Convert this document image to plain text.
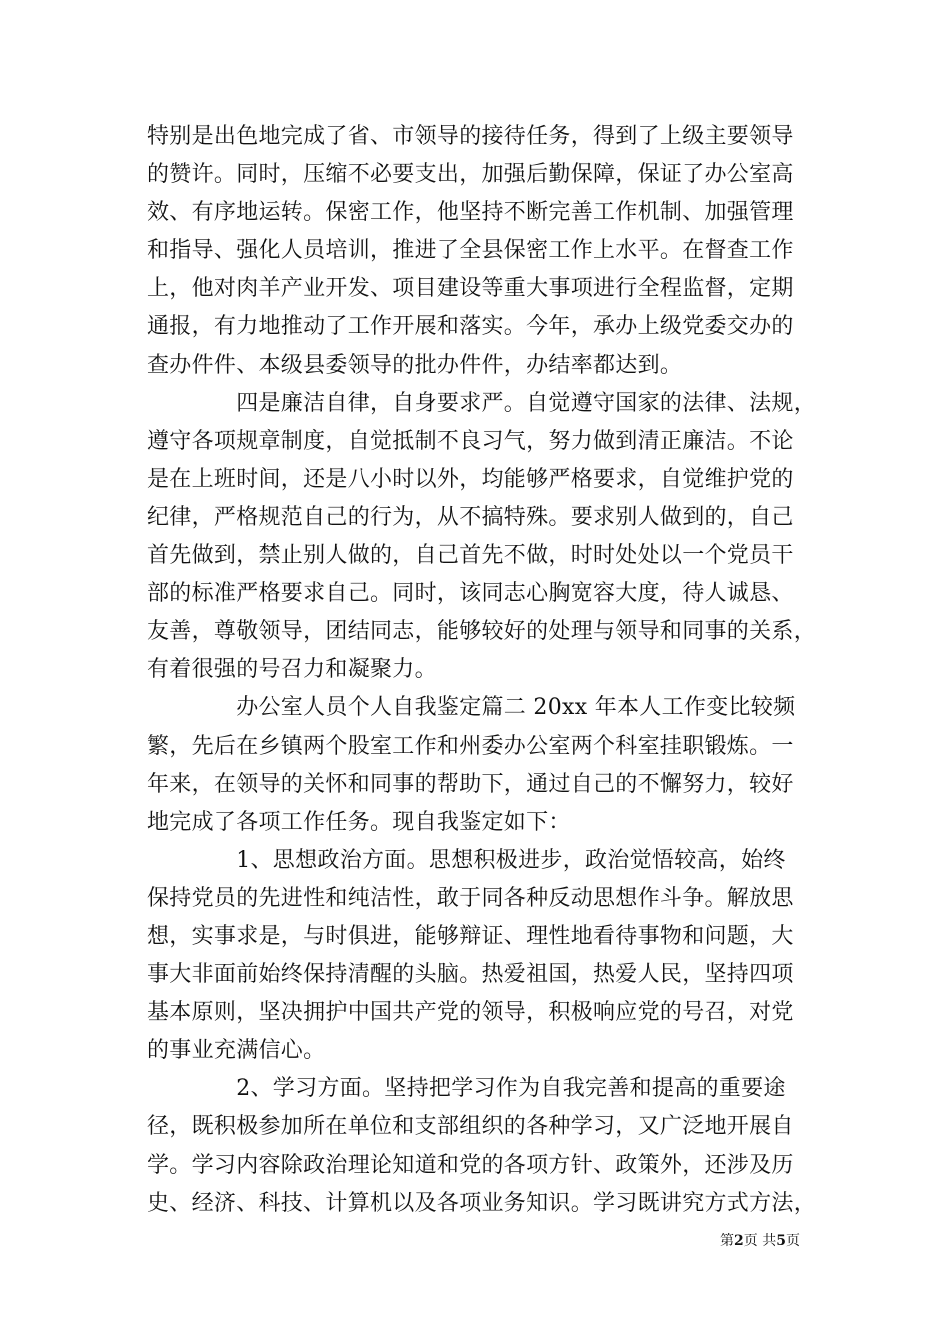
特别是出色地完成了省、市领导的接待任务，得到了上级主要领导
的赞许。同时，压缩不必要支出，加强后勤保障，保证了办公室高
效、有序地运转。保密工作，他坚持不断完善工作机制、加强管理
和指导、强化人员培训，推进了全县保密工作上水平。在督查工作
上，他对肉羊产业开发、项目建设等重大事项进行全程监督，定期
通报，有力地推动了工作开展和落实。今年，承办上级党委交办的
查办件件、本级县委领导的批办件件，办结率都达到。
　　　　四是廉洁自律，自身要求严。自觉遵守国家的法律、法规，
遵守各项规章制度，自觉抵制不良习气，努力做到清正廉洁。不论
是在上班时间，还是八小时以外，均能够严格要求，自觉维护党的
纪律，严格规范自己的行为，从不搞特殊。要求别人做到的，自己
首先做到，禁止别人做的，自己首先不做，时时处处以一个党员干
部的标准严格要求自己。同时，该同志心胸宽容大度，待人诚恳、
友善，尊敬领导，团结同志，能够较好的处理与领导和同事的关系，
有着很强的号召力和凝聚力。
　　　　办公室人员个人自我鉴定篇二 20xx 年本人工作变比较频
繁，先后在乡镇两个股室工作和州委办公室两个科室挂职锻炼。一
年来，在领导的关怀和同事的帮助下，通过自己的不懈努力，较好
地完成了各项工作任务。现自我鉴定如下：
　　　　1、思想政治方面。思想积极进步，政治觉悟较高，始终
保持党员的先进性和纯洁性，敢于同各种反动思想作斗争。解放思
想，实事求是，与时俱进，能够辩证、理性地看待事物和问题，大
事大非面前始终保持清醒的头脑。热爱祖国，热爱人民，坚持四项
基本原则，坚决拥护中国共产党的领导，积极响应党的号召，对党
的事业充满信心。
　　　　2、学习方面。坚持把学习作为自我完善和提高的重要途
径，既积极参加所在单位和支部组织的各种学习，又广泛地开展自
学。学习内容除政治理论知道和党的各项方针、政策外，还涉及历
史、经济、科技、计算机以及各项业务知识。学习既讲究方式方法，
第2页 共5页
